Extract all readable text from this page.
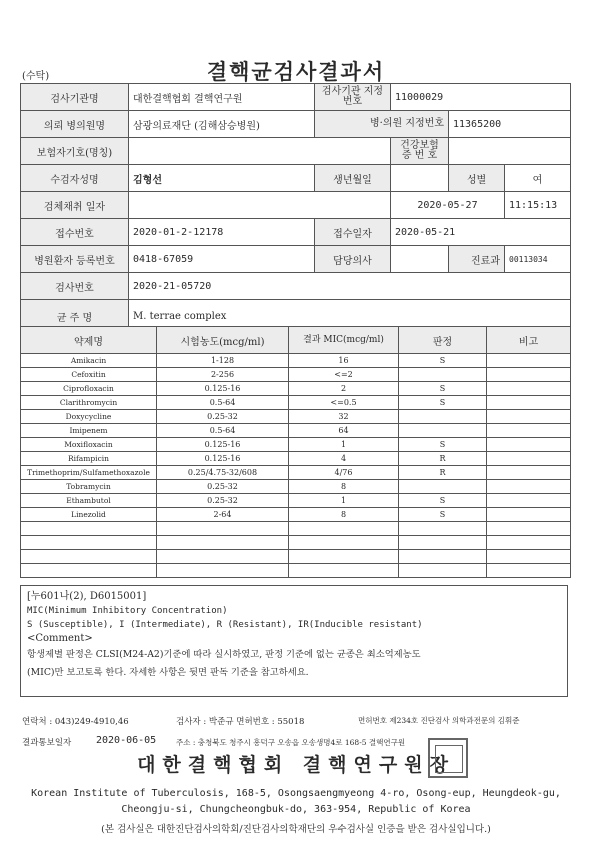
(수탁)	결핵균검사결과서
검사기관명	대한결핵협회 결핵연구원	검사기관 지정번호	11000029		
의뢰 병의원명	삼광의료재단 (김해삼승병원)	병·의원 지정번호		11365200	
보험자기호(명칭)			건강보험 증 번 호		
수검자성명	김형선	생년월일		성별	여
검체채취 일자			2020-05-27		11:15:13
접수번호	2020-01-2-12178	접수일자	2020-05-21		
병원환자 등록번호	0418-67059	담당의사		진료과	00113034
검사번호	2020-21-05720				
균 주 명	M. terrae complex				
약제명	시험농도(mcg/ml)	결과 MIC(mcg/ml)	판정	비고
Amikacin	1-128	16	S	
Cefoxitin	2-256	<=2		
Ciprofloxacin	0.125-16	2	S	
Clarithromycin	0.5-64	<=0.5	S	
Doxycycline	0.25-32	32		
Imipenem	0.5-64	64		
Moxifloxacin	0.125-16	1	S	
Rifampicin	0.125-16	4	R	
Trimethoprim/Sulfamethoxazole	0.25/4.75-32/608	4/76	R	
Tobramycin	0.25-32	8		
Ethambutol	0.25-32	1	S	
Linezolid	2-64	8	S	

[누601나(2), D6015001]
MIC(Minimum Inhibitory Concentration)
S (Susceptible), I (Intermediate), R (Resistant), IR(Inducible resistant)
<Comment>
항생제별 판정은 CLSI(M24-A2)기준에 따라 실시하였고, 판정 기준에 없는 균종은 최소억제농도
(MIC)만 보고토록 한다. 자세한 사항은 뒷면 판독 기준을 참고하세요.
연락처 : 043)249-4910,46	검사자 : 박준규 면허번호 : 55018	면허번호 제234호 진단검사 의학과전문의 김휘준
결과통보일자 2020-06-05	주소 : 충청북도 청주시 흥덕구 오송읍 오송생명4로 168-5 결핵연구원
대한결핵협회 결핵연구원장
Korean Institute of Tuberculosis, 168-5, Osongsaengmyeong 4-ro, Osong-eup, Heungdeok-gu,
Cheongju-si, Chungcheongbuk-do, 363-954, Republic of Korea
(본 검사실은 대한진단검사의학회/진단검사의학재단의 우수검사실 인증을 받은 검사실입니다.)
